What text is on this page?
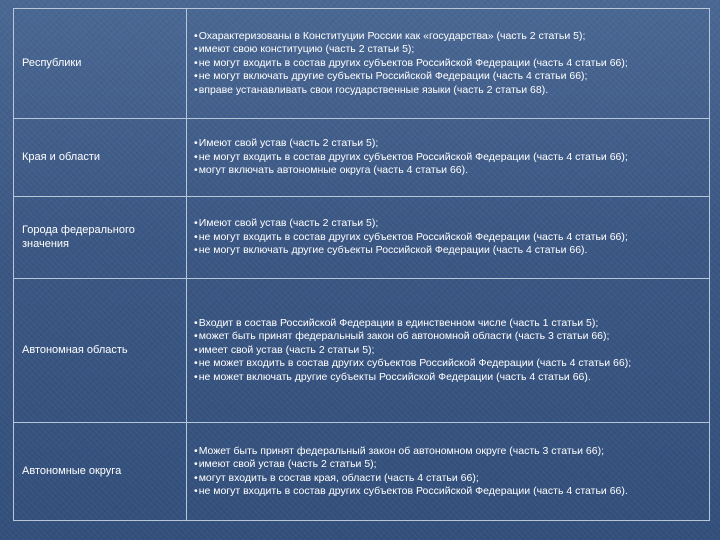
Республики	• Охарактеризованы в Конституции России как «государства» (часть 2 статьи 5);
• имеют свою конституцию (часть 2 статьи 5);
• не могут входить в состав других субъектов Российской Федерации (часть 4 статьи 66);
• не могут включать другие субъекты Российской Федерации (часть 4 статьи 66);
• вправе устанавливать свои государственные языки (часть 2 статьи 68).

Края и области	• Имеют свой устав (часть 2 статьи 5);
• не могут входить в состав других субъектов Российской Федерации (часть 4 статьи 66);
• могут включать автономные округа (часть 4 статьи 66).

Города федерального значения	• Имеют свой устав (часть 2 статьи 5);
• не могут входить в состав других субъектов Российской Федерации (часть 4 статьи 66);
• не могут включать другие субъекты Российской Федерации (часть 4 статьи 66).

Автономная область	• Входит в состав Российской Федерации в единственном числе (часть 1 статьи 5);
• может быть принят федеральный закон об автономной области (часть 3 статьи 66);
• имеет свой устав (часть 2 статьи 5);
• не может входить в состав других субъектов Российской Федерации (часть 4 статьи 66);
• не может включать другие субъекты Российской Федерации (часть 4 статьи 66).

Автономные округа	• Может быть принят федеральный закон об автономном округе (часть 3 статьи 66);
• имеют свой устав (часть 2 статьи 5);
• могут входить в состав края, области (часть 4 статьи 66);
• не могут входить в состав других субъектов Российской Федерации (часть 4 статьи 66).
